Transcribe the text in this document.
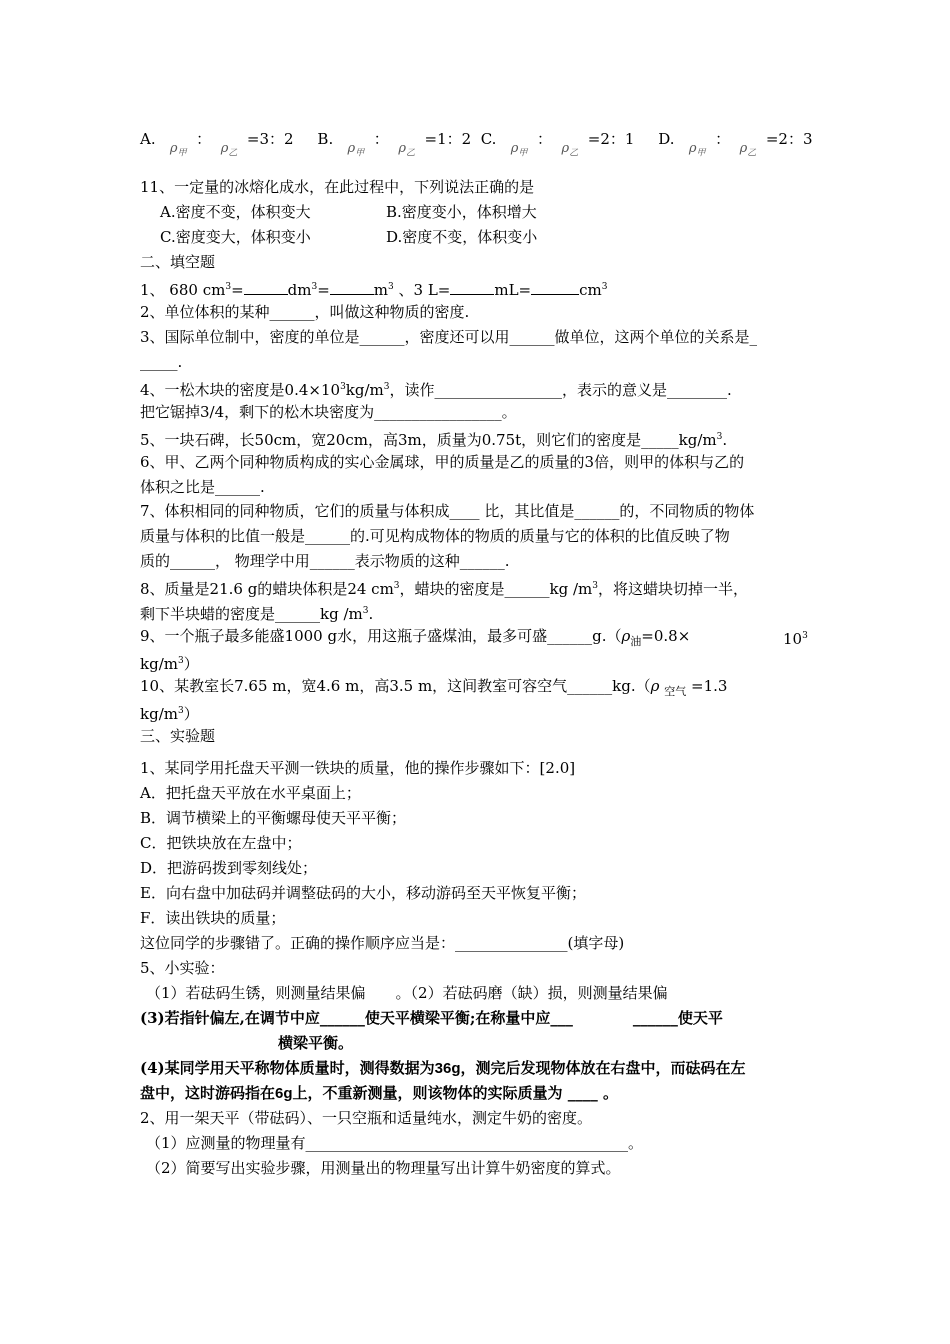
A.   $\rho_甲$  ：  $\rho_乙 =3$：2 B.   $\rho_甲$  ：  $\rho_乙 =1$：2 C.   $\rho_甲$  ：  $\rho_乙 =2$：1 D.   $\rho_甲$  ：  $\rho_乙 =2$：3
11、一定量的冰熔化成水，在此过程中，下列说法正确的是
A.密度不变，体积变大	B.密度变小，体积增大
C.密度变大，体积变小	D.密度不变，体积变小
二、填空题
1、 680 $cm^3=$	$dm^3=$	$m^3$ 、3 L=	mL=	$cm^3$
2、单位体积的某种______，叫做这种物质的密度.
3、国际单位制中，密度的单位是______，密度还可以用______做单位，这两个单位的关系是_
_____.
4、一松木块的密度是$0.4\times 10^3kg/m^3$，读作_________________，表示的意义是________.
把它锯掉3/4，剩下的松木块密度为_________________。
5、一块石碑，长50cm，宽20cm，高3m，质量为0.75t，则它们的密度是$\_\_\_\_\_kg/m^3$.
6、甲、乙两个同种物质构成的实心金属球，甲的质量是乙的质量的3倍，则甲的体积与乙的
体积之比是______.
7、体积相同的同种物质，它们的质量与体积成____ 比，其比值是______的，不同物质的物体
质量与体积的比值一般是______的.可见构成物体的物质的质量与它的体积的比值反映了物
质的______， 物理学中用______表示物质的这种______.
8、质量是21.6 g的蜡块体积是24 $cm^3$，蜡块的密度是______kg $/m^3$，将这蜡块切掉一半，
剩下半块蜡的密度是______kg $/m^3$.
9、一个瓶子最多能盛1000 g水，用这瓶子盛煤油，最多可盛$\_\_\_\_\_\_g.(\rho_油=0.8\times$	$10^3$
$kg/m^3$）
10、某教室长7.65 m，宽4.6 m，高3.5 m，这间教室可容空气______kg.（ρ $_{空气}$ =1.3
$kg/m^3$）
三、实验题
1、某同学用托盘天平测一铁块的质量，他的操作步骤如下：[2.0]
A．把托盘天平放在水平桌面上；
B．调节横梁上的平衡螺母使天平平衡；
C．把铁块放在左盘中；
D．把游码拨到零刻线处；
E．向右盘中加砝码并调整砝码的大小，移动游码至天平恢复平衡；
F．读出铁块的质量；
这位同学的步骤错了。正确的操作顺序应当是：_______________(填字母)
5、小实验：
（1）若砝码生锈，则测量结果偏　　。（2）若砝码磨（缺）损，则测量结果偏
(3)若指针偏左,在调节中应______使天平横梁平衡;在称量中应___　　　　______使天平
横梁平衡。
(4)某同学用天平称物体质量时，测得数据为36g，测完后发现物体放在右盘中，而砝码在左
盘中，这时游码指在6g上，不重新测量，则该物体的实际质量为 ____ 。
2、用一架天平（带砝码）、一只空瓶和适量纯水，测定牛奶的密度。
（1）应测量的物理量有___________________________________________。
（2）简要写出实验步骤，用测量出的物理量写出计算牛奶密度的算式。
